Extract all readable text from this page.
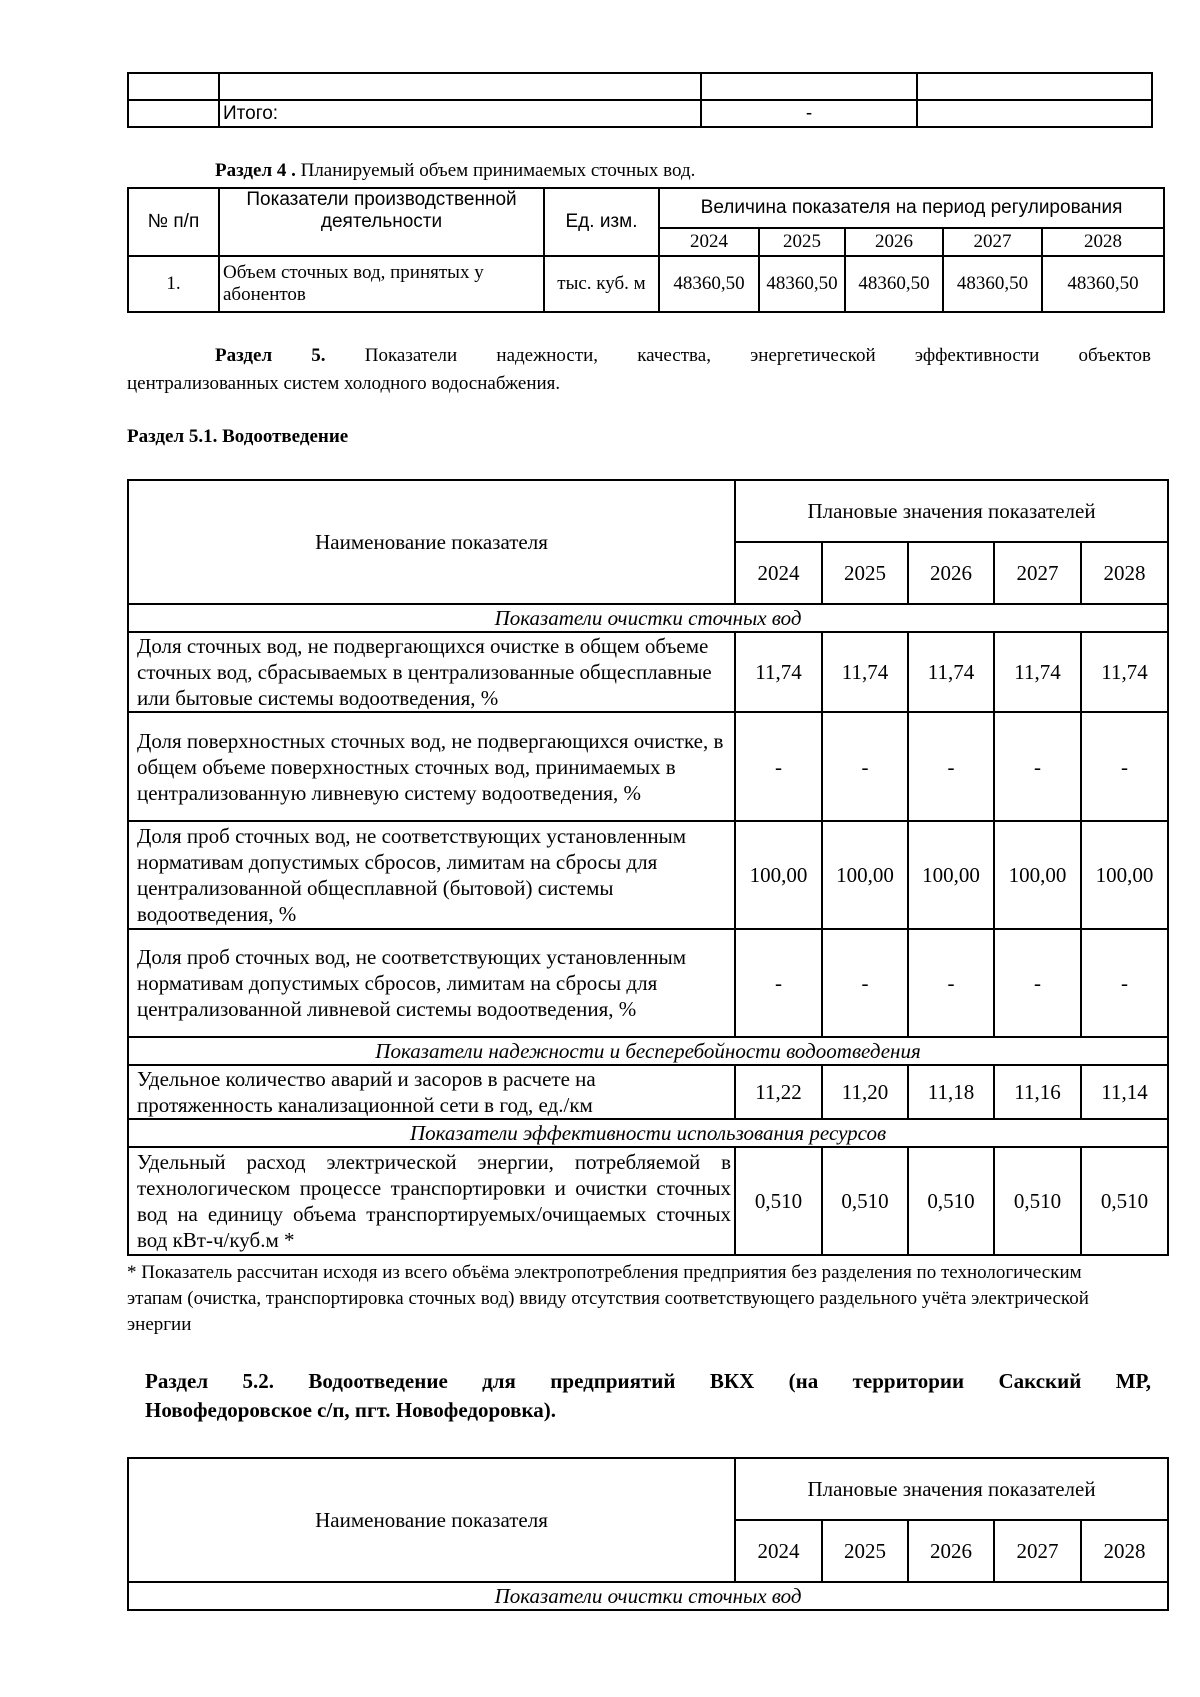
	Итого:	-	
Раздел 4 . Планируемый объем принимаемых сточных вод.
№ п/п	Показатели производственной деятельности	Ед. изм.	Величина показателя на период регулирования				
			2024	2025	2026	2027	2028
1.	Объем сточных вод, принятых у абонентов	тыс. куб. м	48360,50	48360,50	48360,50	48360,50	48360,50
Раздел 5. Показатели надежности, качества, энергетической эффективности объектов
централизованных систем холодного водоснабжения.
Раздел 5.1. Водоотведение
Наименование показателя	Плановые значения показателей				
	2024	2025	2026	2027	2028
Показатели очистки сточных вод					
Доля сточных вод, не подвергающихся очистке в общем объеме сточных вод, сбрасываемых в централизованные общесплавные или бытовые системы водоотведения, %	11,74	11,74	11,74	11,74	11,74
Доля поверхностных сточных вод, не подвергающихся очистке, в общем объеме поверхностных сточных вод, принимаемых в централизованную ливневую систему водоотведения, %	-	-	-	-	-
Доля проб сточных вод, не соответствующих установленным нормативам допустимых сбросов, лимитам на сбросы для централизованной общесплавной (бытовой) системы водоотведения, %	100,00	100,00	100,00	100,00	100,00
Доля проб сточных вод, не соответствующих установленным нормативам допустимых сбросов, лимитам на сбросы для централизованной ливневой системы водоотведения, %	-	-	-	-	-
Показатели надежности и бесперебойности водоотведения					
Удельное количество аварий и засоров в расчете на протяженность канализационной сети в год, ед./км	11,22	11,20	11,18	11,16	11,14
Показатели эффективности использования ресурсов					
Удельный расход электрической энергии, потребляемой в технологическом процессе транспортировки и очистки сточных вод на единицу объема транспортируемых/очищаемых сточных вод кВт-ч/куб.м *	0,510	0,510	0,510	0,510	0,510
* Показатель рассчитан исходя из всего объёма электропотребления предприятия без разделения по технологическим этапам (очистка, транспортировка сточных вод) ввиду отсутствия соответствующего раздельного учёта электрической энергии
Раздел 5.2. Водоотведение для предприятий ВКХ (на территории Сакский МР,
Новофедоровское с/п, пгт. Новофедоровка).
Наименование показателя	Плановые значения показателей				
	2024	2025	2026	2027	2028
Показатели очистки сточных вод					
